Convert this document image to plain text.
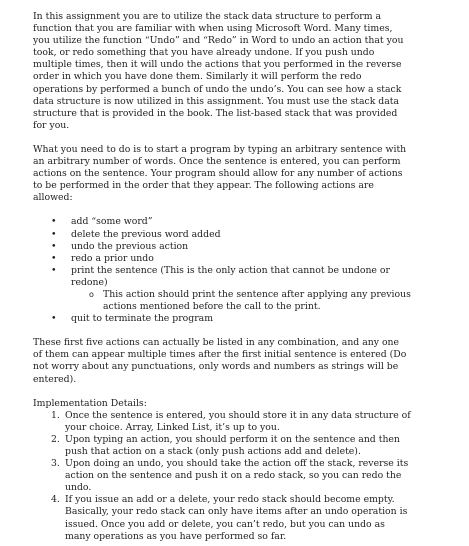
In this assignment you are to utilize the stack data structure to perform a function that you are familiar with when using Microsoft Word. Many times, you utilize the function “Undo” and “Redo” in Word to undo an action that you took, or redo something that you have already undone. If you push undo multiple times, then it will undo the actions that you performed in the reverse order in which you have done them. Similarly it will perform the redo operations by performed a bunch of undo the undo’s. You can see how a stack data structure is now utilized in this assignment. You must use the stack data structure that is provided in the book. The list-based stack that was provided for you.

What you need to do is to start a program by typing an arbitrary sentence with an arbitrary number of words. Once the sentence is entered, you can perform actions on the sentence. Your program should allow for any number of actions to be performed in the order that they appear. The following actions are allowed:

• add “some word”
• delete the previous word added
• undo the previous action
• redo a prior undo
• print the sentence (This is the only action that cannot be undone or redone)
o This action should print the sentence after applying any previous actions mentioned before the call to the print.
• quit to terminate the program

These first five actions can actually be listed in any combination, and any one of them can appear multiple times after the first initial sentence is entered (Do not worry about any punctuations, only words and numbers as strings will be entered).

Implementation Details:

1. Once the sentence is entered, you should store it in any data structure of your choice. Array, Linked List, it’s up to you.
2. Upon typing an action, you should perform it on the sentence and then push that action on a stack (only push actions add and delete).
3. Upon doing an undo, you should take the action off the stack, reverse its action on the sentence and push it on a redo stack, so you can redo the undo.
4. If you issue an add or a delete, your redo stack should become empty. Basically, your redo stack can only have items after an undo operation is issued. Once you add or delete, you can’t redo, but you can undo as many operations as you have performed so far.
